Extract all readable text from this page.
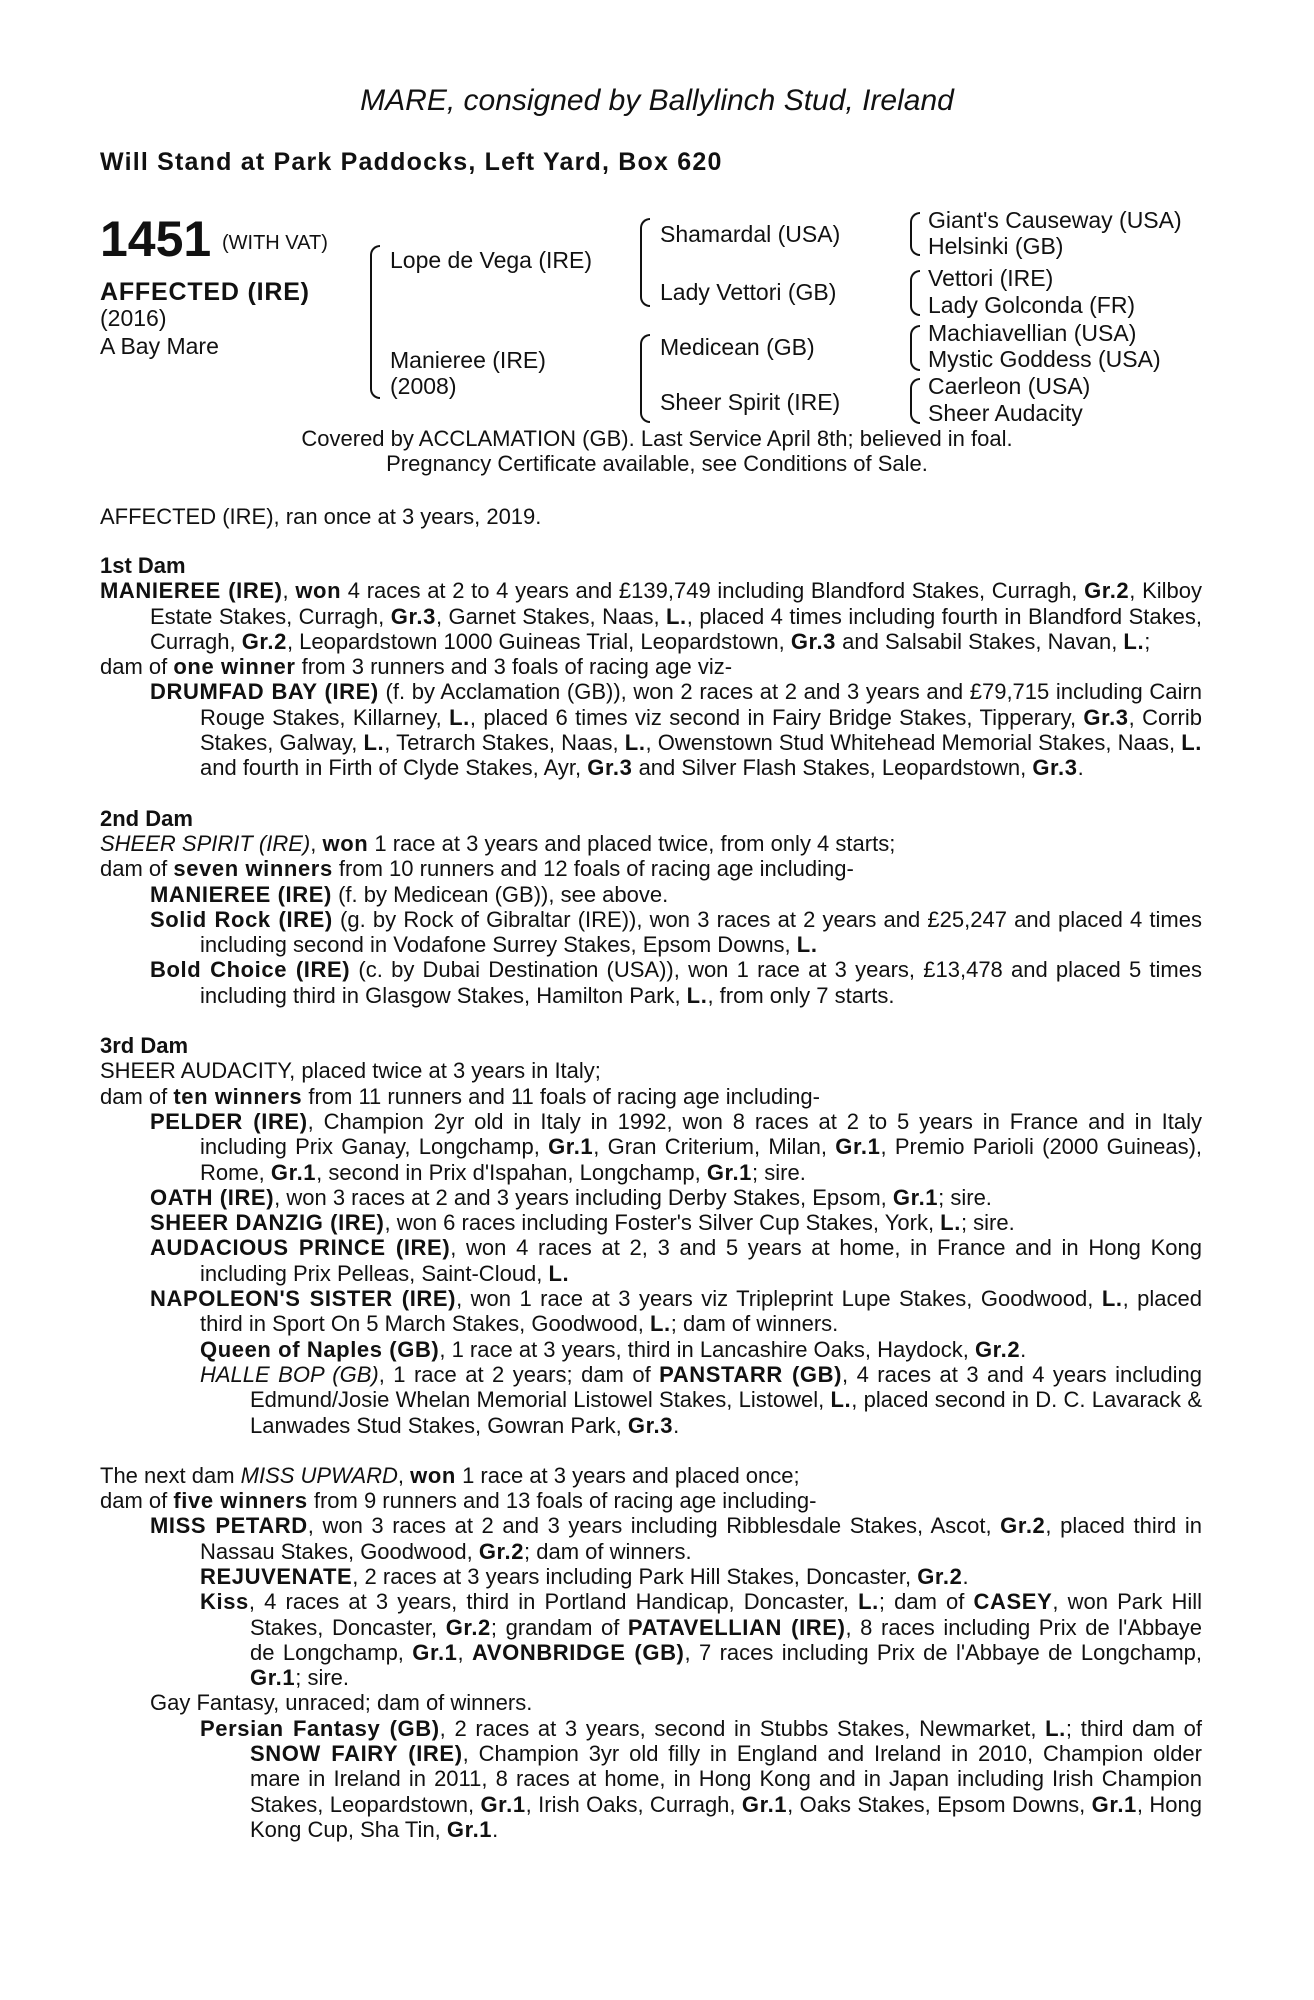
MARE, consigned by Ballylinch Stud, Ireland
Will Stand at Park Paddocks, Left Yard, Box 620
1451 (WITH VAT)
AFFECTED (IRE)
(2016)
A Bay Mare
Lope de Vega (IRE)
Manieree (IRE)
(2008)
Shamardal (USA)
Lady Vettori (GB)
Medicean (GB)
Sheer Spirit (IRE)
Giant's Causeway (USA)
Helsinki (GB)
Vettori (IRE)
Lady Golconda (FR)
Machiavellian (USA)
Mystic Goddess (USA)
Caerleon (USA)
Sheer Audacity
Covered by ACCLAMATION (GB). Last Service April 8th; believed in foal.
Pregnancy Certificate available, see Conditions of Sale.
AFFECTED (IRE), ran once at 3 years, 2019.

1st Dam

MANIEREE (IRE), won 4 races at 2 to 4 years and £139,749 including Blandford Stakes, Curragh, Gr.2, Kilboy Estate Stakes, Curragh, Gr.3, Garnet Stakes, Naas, L., placed 4 times including fourth in Blandford Stakes, Curragh, Gr.2, Leopardstown 1000 Guineas Trial, Leopardstown, Gr.3 and Salsabil Stakes, Navan, L.;

dam of one winner from 3 runners and 3 foals of racing age viz-

DRUMFAD BAY (IRE) (f. by Acclamation (GB)), won 2 races at 2 and 3 years and £79,715 including Cairn Rouge Stakes, Killarney, L., placed 6 times viz second in Fairy Bridge Stakes, Tipperary, Gr.3, Corrib Stakes, Galway, L., Tetrarch Stakes, Naas, L., Owenstown Stud Whitehead Memorial Stakes, Naas, L. and fourth in Firth of Clyde Stakes, Ayr, Gr.3 and Silver Flash Stakes, Leopardstown, Gr.3.

2nd Dam

SHEER SPIRIT (IRE), won 1 race at 3 years and placed twice, from only 4 starts;

dam of seven winners from 10 runners and 12 foals of racing age including-

MANIEREE (IRE) (f. by Medicean (GB)), see above.

Solid Rock (IRE) (g. by Rock of Gibraltar (IRE)), won 3 races at 2 years and £25,247 and placed 4 times including second in Vodafone Surrey Stakes, Epsom Downs, L.

Bold Choice (IRE) (c. by Dubai Destination (USA)), won 1 race at 3 years, £13,478 and placed 5 times including third in Glasgow Stakes, Hamilton Park, L., from only 7 starts.

3rd Dam

SHEER AUDACITY, placed twice at 3 years in Italy;

dam of ten winners from 11 runners and 11 foals of racing age including-

PELDER (IRE), Champion 2yr old in Italy in 1992, won 8 races at 2 to 5 years in France and in Italy including Prix Ganay, Longchamp, Gr.1, Gran Criterium, Milan, Gr.1, Premio Parioli (2000 Guineas), Rome, Gr.1, second in Prix d'Ispahan, Longchamp, Gr.1; sire.

OATH (IRE), won 3 races at 2 and 3 years including Derby Stakes, Epsom, Gr.1; sire.

SHEER DANZIG (IRE), won 6 races including Foster's Silver Cup Stakes, York, L.; sire.

AUDACIOUS PRINCE (IRE), won 4 races at 2, 3 and 5 years at home, in France and in Hong Kong including Prix Pelleas, Saint-Cloud, L.

NAPOLEON'S SISTER (IRE), won 1 race at 3 years viz Tripleprint Lupe Stakes, Goodwood, L., placed third in Sport On 5 March Stakes, Goodwood, L.; dam of winners.

Queen of Naples (GB), 1 race at 3 years, third in Lancashire Oaks, Haydock, Gr.2.

HALLE BOP (GB), 1 race at 2 years; dam of PANSTARR (GB), 4 races at 3 and 4 years including Edmund/Josie Whelan Memorial Listowel Stakes, Listowel, L., placed second in D. C. Lavarack & Lanwades Stud Stakes, Gowran Park, Gr.3.

The next dam MISS UPWARD, won 1 race at 3 years and placed once;

dam of five winners from 9 runners and 13 foals of racing age including-

MISS PETARD, won 3 races at 2 and 3 years including Ribblesdale Stakes, Ascot, Gr.2, placed third in Nassau Stakes, Goodwood, Gr.2; dam of winners.

REJUVENATE, 2 races at 3 years including Park Hill Stakes, Doncaster, Gr.2.

Kiss, 4 races at 3 years, third in Portland Handicap, Doncaster, L.; dam of CASEY, won Park Hill Stakes, Doncaster, Gr.2; grandam of PATAVELLIAN (IRE), 8 races including Prix de l'Abbaye de Longchamp, Gr.1, AVONBRIDGE (GB), 7 races including Prix de l'Abbaye de Longchamp, Gr.1; sire.

Gay Fantasy, unraced; dam of winners.

Persian Fantasy (GB), 2 races at 3 years, second in Stubbs Stakes, Newmarket, L.; third dam of SNOW FAIRY (IRE), Champion 3yr old filly in England and Ireland in 2010, Champion older mare in Ireland in 2011, 8 races at home, in Hong Kong and in Japan including Irish Champion Stakes, Leopardstown, Gr.1, Irish Oaks, Curragh, Gr.1, Oaks Stakes, Epsom Downs, Gr.1, Hong Kong Cup, Sha Tin, Gr.1.
